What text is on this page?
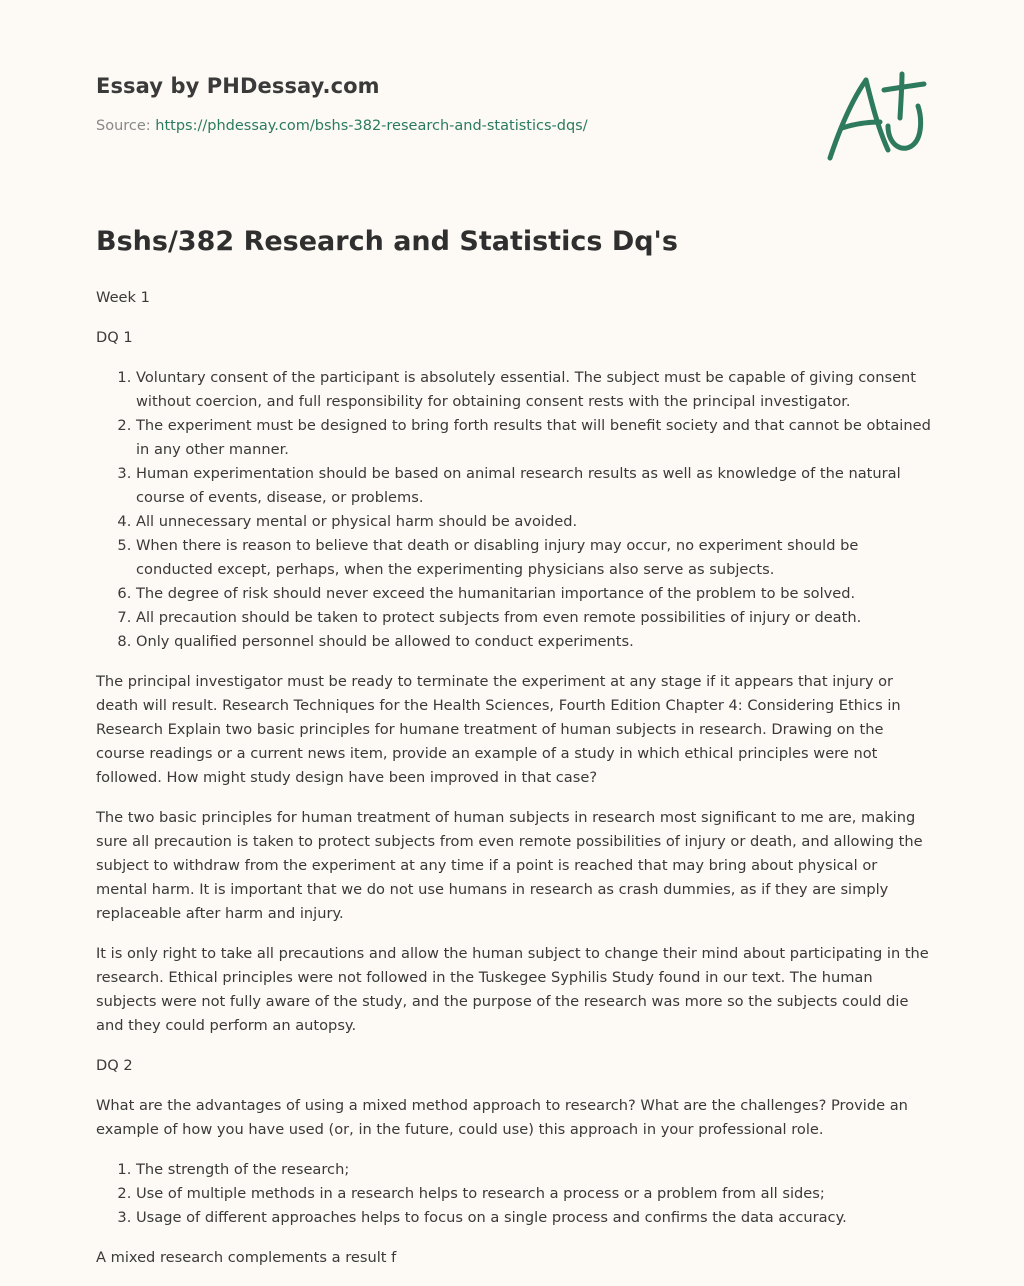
Essay by PHDessay.com
Source: https://phdessay.com/bshs-382-research-and-statistics-dqs/
Bshs/382 Research and Statistics Dq's

Week 1

DQ 1

1. Voluntary consent of the participant is absolutely essential. The subject must be capable of giving consent without coercion, and full responsibility for obtaining consent rests with the principal investigator.
2. The experiment must be designed to bring forth results that will benefit society and that cannot be obtained in any other manner.
3. Human experimentation should be based on animal research results as well as knowledge of the natural course of events, disease, or problems.
4. All unnecessary mental or physical harm should be avoided.
5. When there is reason to believe that death or disabling injury may occur, no experiment should be conducted except, perhaps, when the experimenting physicians also serve as subjects.
6. The degree of risk should never exceed the humanitarian importance of the problem to be solved.
7. All precaution should be taken to protect subjects from even remote possibilities of injury or death.
8. Only qualified personnel should be allowed to conduct experiments.

The principal investigator must be ready to terminate the experiment at any stage if it appears that injury or death will result. Research Techniques for the Health Sciences, Fourth Edition Chapter 4: Considering Ethics in Research Explain two basic principles for humane treatment of human subjects in research. Drawing on the course readings or a current news item, provide an example of a study in which ethical principles were not followed. How might study design have been improved in that case?

The two basic principles for human treatment of human subjects in research most significant to me are, making sure all precaution is taken to protect subjects from even remote possibilities of injury or death, and allowing the subject to withdraw from the experiment at any time if a point is reached that may bring about physical or mental harm. It is important that we do not use humans in research as crash dummies, as if they are simply replaceable after harm and injury.

It is only right to take all precautions and allow the human subject to change their mind about participating in the research. Ethical principles were not followed in the Tuskegee Syphilis Study found in our text. The human subjects were not fully aware of the study, and the purpose of the research was more so the subjects could die and they could perform an autopsy.

DQ 2

What are the advantages of using a mixed method approach to research? What are the challenges? Provide an example of how you have used (or, in the future, could use) this approach in your professional role.

1. The strength of the research;
2. Use of multiple methods in a research helps to research a process or a problem from all sides;
3. Usage of different approaches helps to focus on a single process and confirms the data accuracy.

A mixed research complements a result f
